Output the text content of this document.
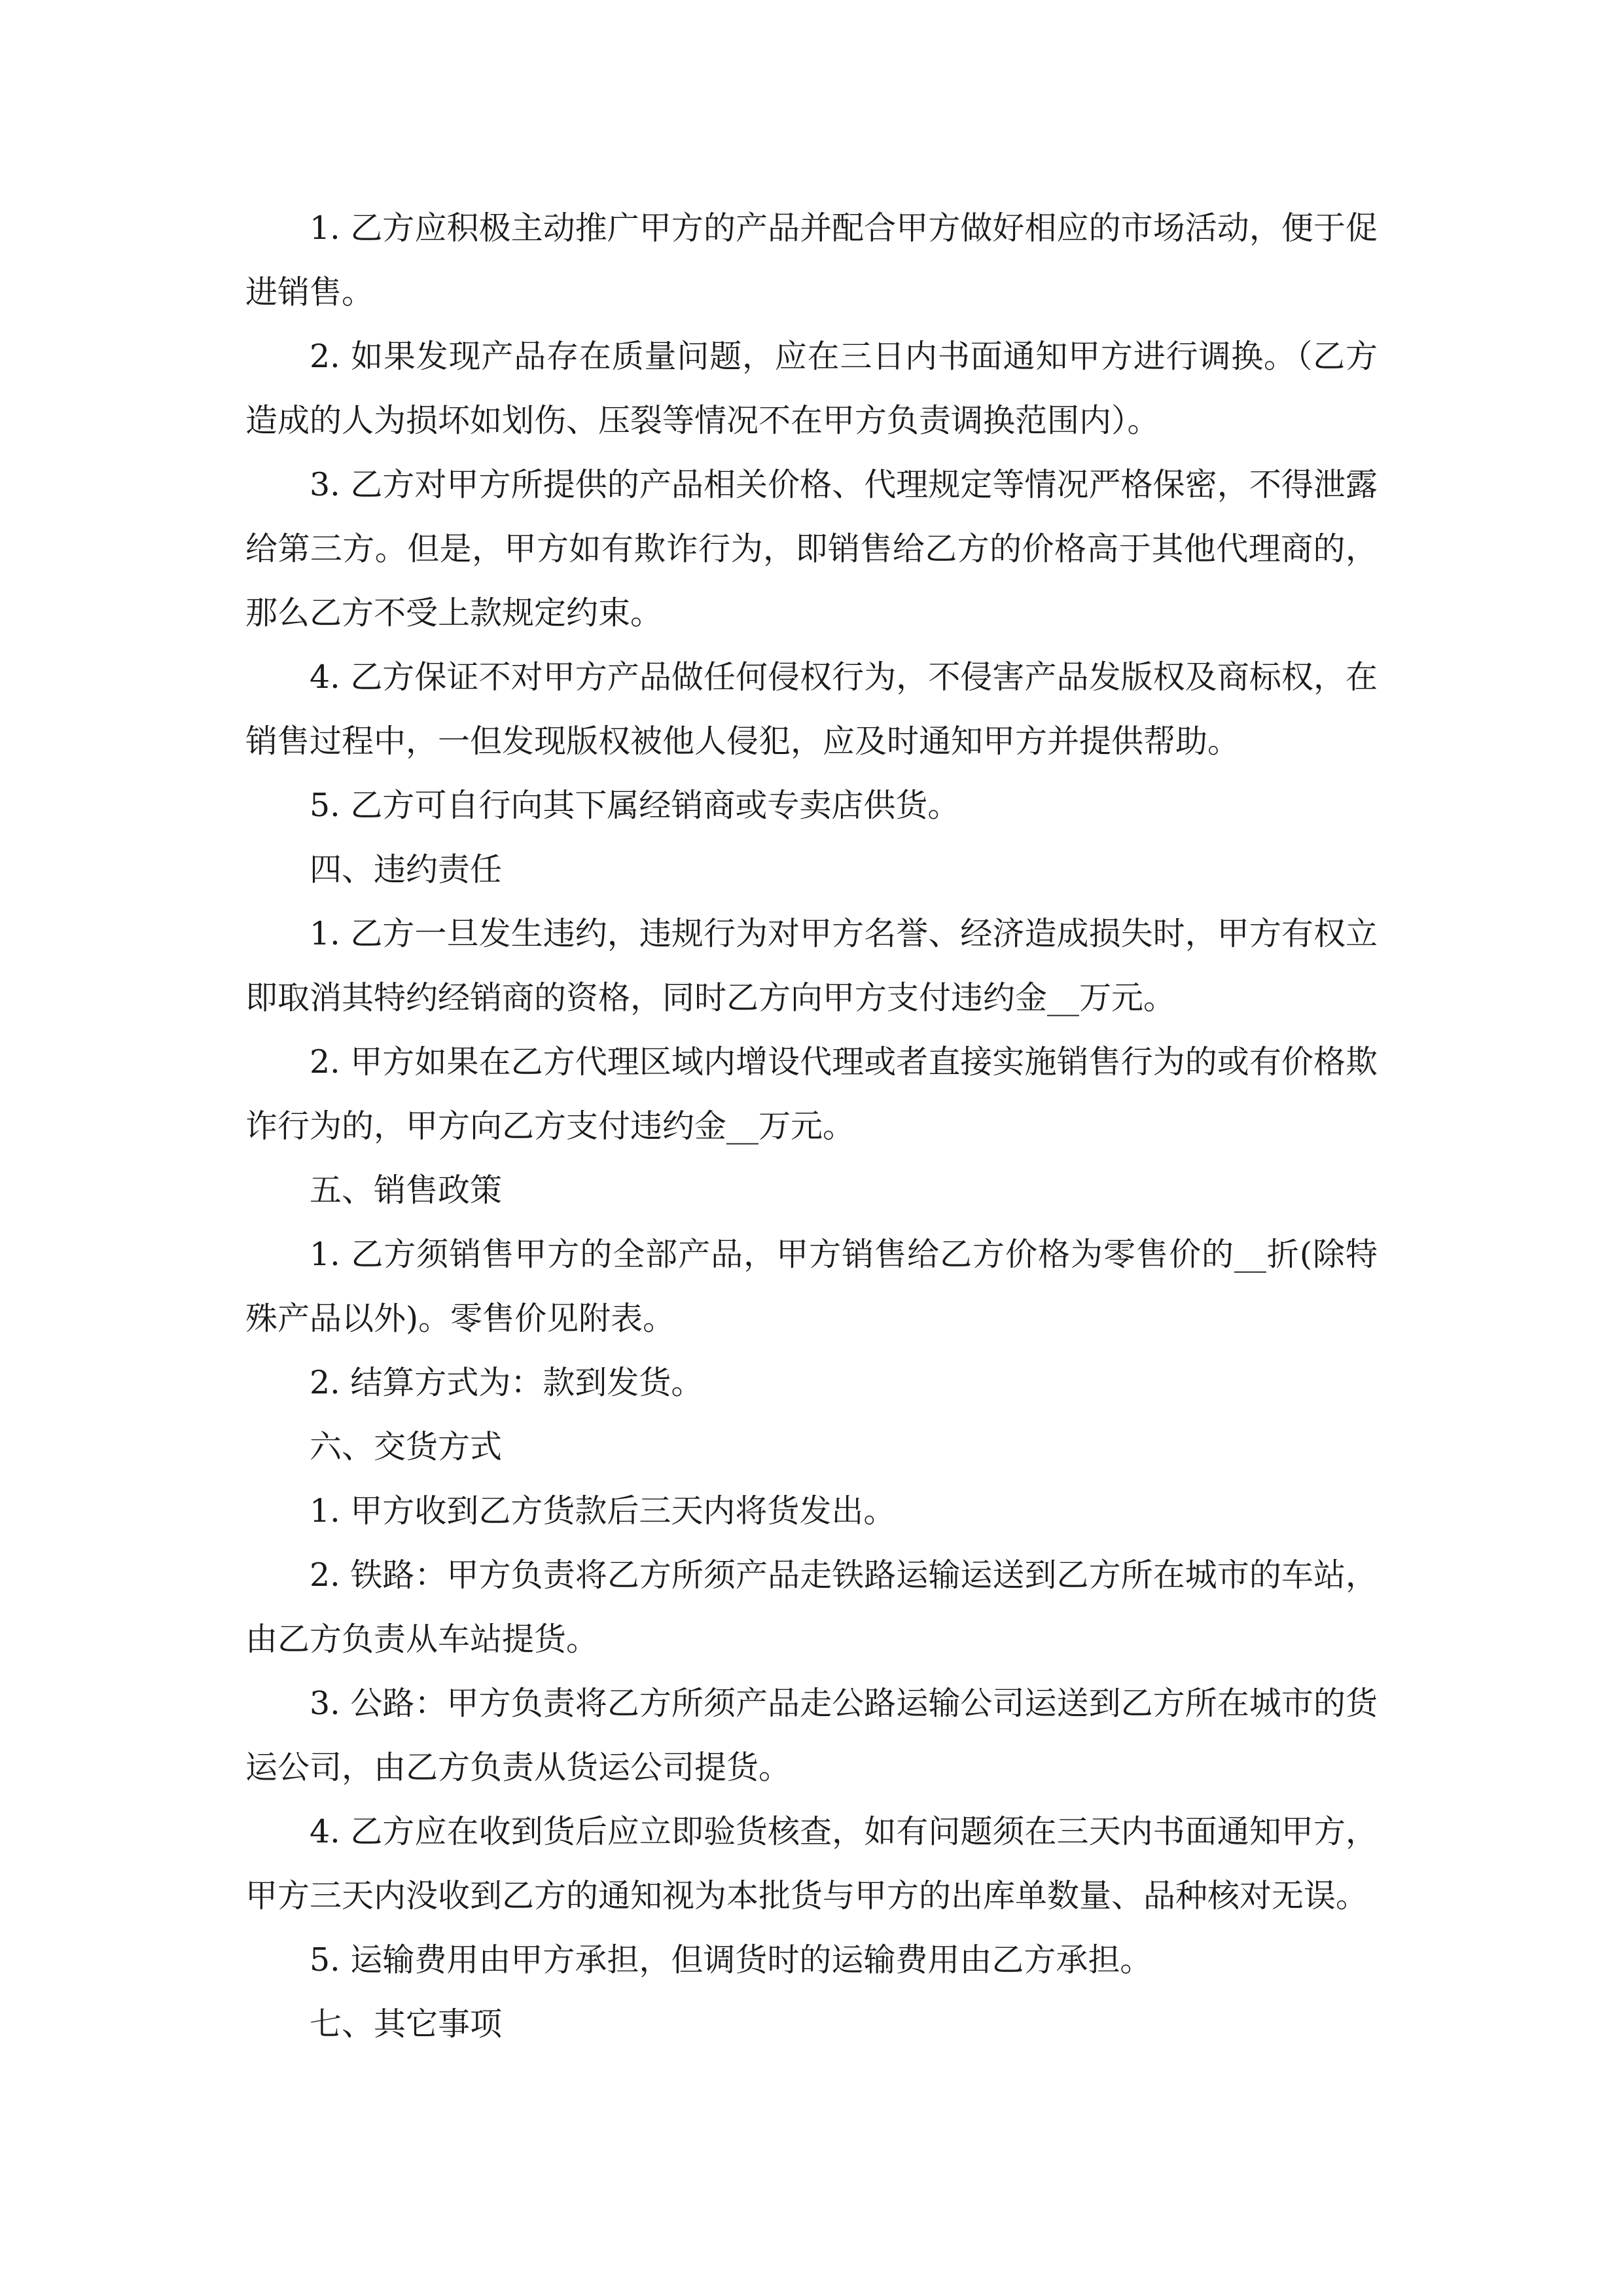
1. 乙方应积极主动推广甲方的产品并配合甲方做好相应的市场活动，便于促进销售。

2. 如果发现产品存在质量问题，应在三日内书面通知甲方进行调换。（乙方造成的人为损坏如划伤、压裂等情况不在甲方负责调换范围内）。

3. 乙方对甲方所提供的产品相关价格、代理规定等情况严格保密，不得泄露给第三方。但是，甲方如有欺诈行为，即销售给乙方的价格高于其他代理商的，那么乙方不受上款规定约束。

4. 乙方保证不对甲方产品做任何侵权行为，不侵害产品发版权及商标权，在销售过程中，一但发现版权被他人侵犯，应及时通知甲方并提供帮助。

5. 乙方可自行向其下属经销商或专卖店供货。

四、违约责任

1. 乙方一旦发生违约，违规行为对甲方名誉、经济造成损失时，甲方有权立即取消其特约经销商的资格，同时乙方向甲方支付违约金__万元。

2. 甲方如果在乙方代理区域内增设代理或者直接实施销售行为的或有价格欺诈行为的，甲方向乙方支付违约金__万元。

五、销售政策

1. 乙方须销售甲方的全部产品，甲方销售给乙方价格为零售价的__折(除特殊产品以外)。零售价见附表。

2. 结算方式为：款到发货。

六、交货方式

1. 甲方收到乙方货款后三天内将货发出。

2. 铁路：甲方负责将乙方所须产品走铁路运输运送到乙方所在城市的车站，由乙方负责从车站提货。

3. 公路：甲方负责将乙方所须产品走公路运输公司运送到乙方所在城市的货运公司，由乙方负责从货运公司提货。

4. 乙方应在收到货后应立即验货核查，如有问题须在三天内书面通知甲方，甲方三天内没收到乙方的通知视为本批货与甲方的出库单数量、品种核对无误。

5. 运输费用由甲方承担，但调货时的运输费用由乙方承担。

七、其它事项
